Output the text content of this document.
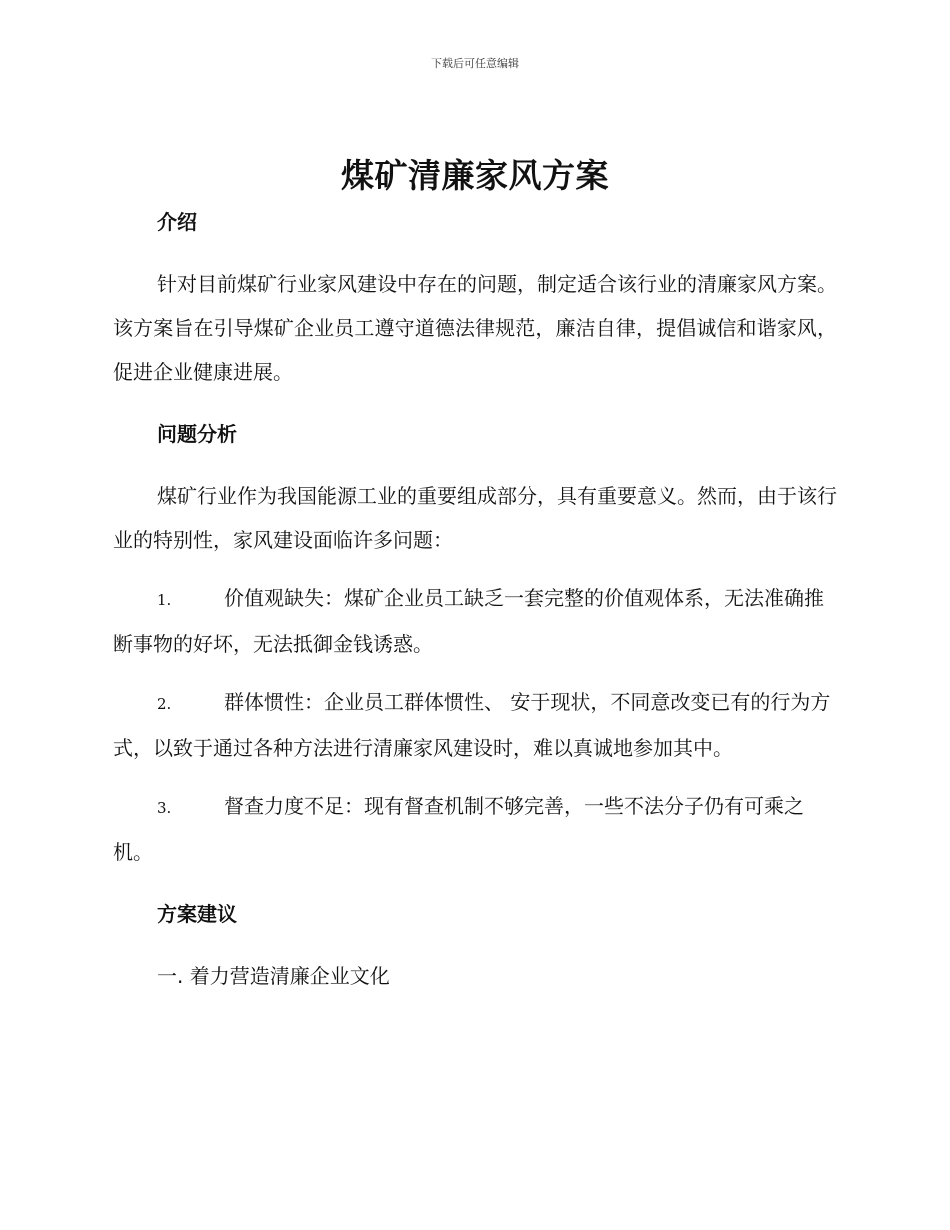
下载后可任意编辑
煤矿清廉家风方案
介绍

针对目前煤矿行业家风建设中存在的问题，制定适合该行业的清廉家风方案。该方案旨在引导煤矿企业员工遵守道德法律规范，廉洁自律，提倡诚信和谐家风，促进企业健康进展。

问题分析

煤矿行业作为我国能源工业的重要组成部分，具有重要意义。然而，由于该行业的特别性，家风建设面临许多问题：

1.	价值观缺失：煤矿企业员工缺乏一套完整的价值观体系，无法准确推断事物的好坏，无法抵御金钱诱惑。

2.	群体惯性：企业员工群体惯性、 安于现状，不同意改变已有的行为方式，以致于通过各种方法进行清廉家风建设时，难以真诚地参加其中。

3.	督查力度不足：现有督查机制不够完善，一些不法分子仍有可乘之机。

方案建议

一. 着力营造清廉企业文化
